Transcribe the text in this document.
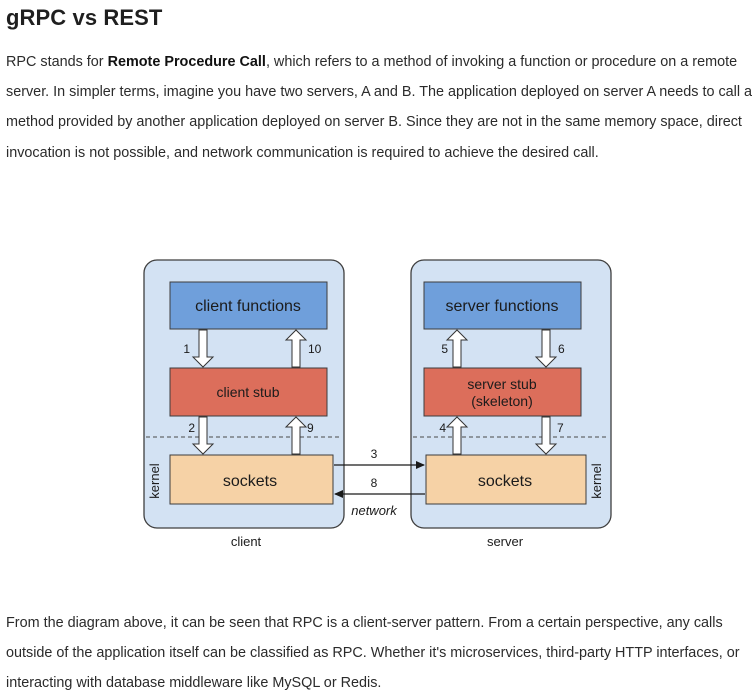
gRPC vs REST

RPC stands for Remote Procedure Call, which refers to a method of invoking a function or procedure on a remote server. In simpler terms, imagine you have two servers, A and B. The application deployed on server A needs to call a method provided by another application deployed on server B. Since they are not in the same memory space, direct invocation is not possible, and network communication is required to achieve the desired call.

client functions
client stub
sockets
server functions
server stub
(skeleton)
sockets
kernel	kernel
1	10
2	9
5	6
4	7
3
8
network
client	server

From the diagram above, it can be seen that RPC is a client-server pattern. From a certain perspective, any calls outside of the application itself can be classified as RPC. Whether it's microservices, third-party HTTP interfaces, or interacting with database middleware like MySQL or Redis.
